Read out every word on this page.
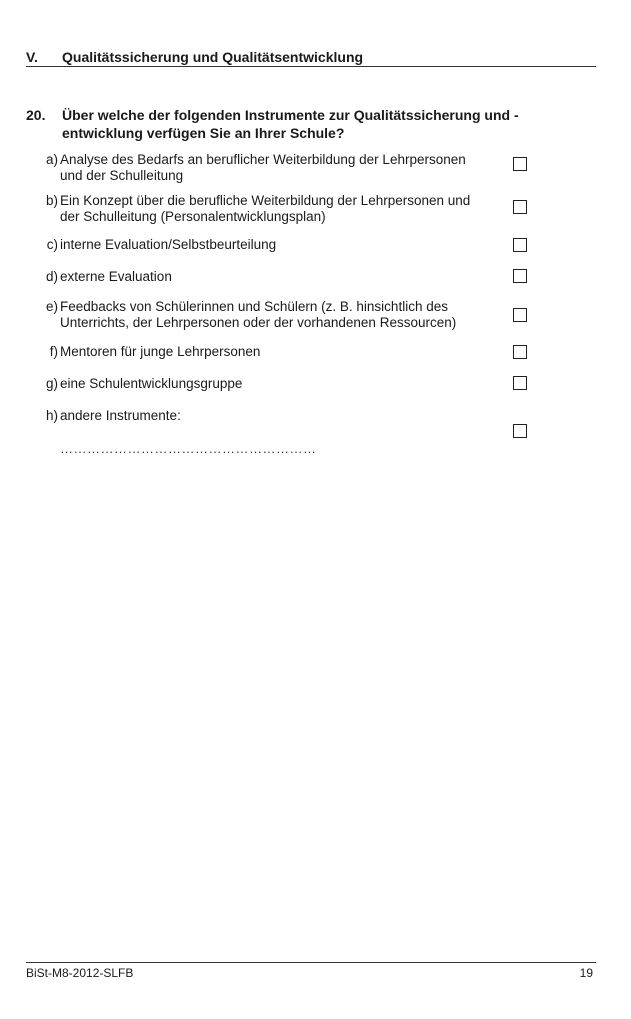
V. Qualitätssicherung und Qualitätsentwicklung
20. Über welche der folgenden Instrumente zur Qualitätssicherung und -entwicklung verfügen Sie an Ihrer Schule?
a) Analyse des Bedarfs an beruflicher Weiterbildung der Lehrpersonen und der Schulleitung
b) Ein Konzept über die berufliche Weiterbildung der Lehrpersonen und der Schulleitung (Personalentwicklungsplan)
c) interne Evaluation/Selbstbeurteilung
d) externe Evaluation
e) Feedbacks von Schülerinnen und Schülern (z. B. hinsichtlich des Unterrichts, der Lehrpersonen oder der vorhandenen Ressourcen)
f) Mentoren für junge Lehrpersonen
g) eine Schulentwicklungsgruppe
h) andere Instrumente:
…………………………………………………
BiSt-M8-2012-SLFB	19
